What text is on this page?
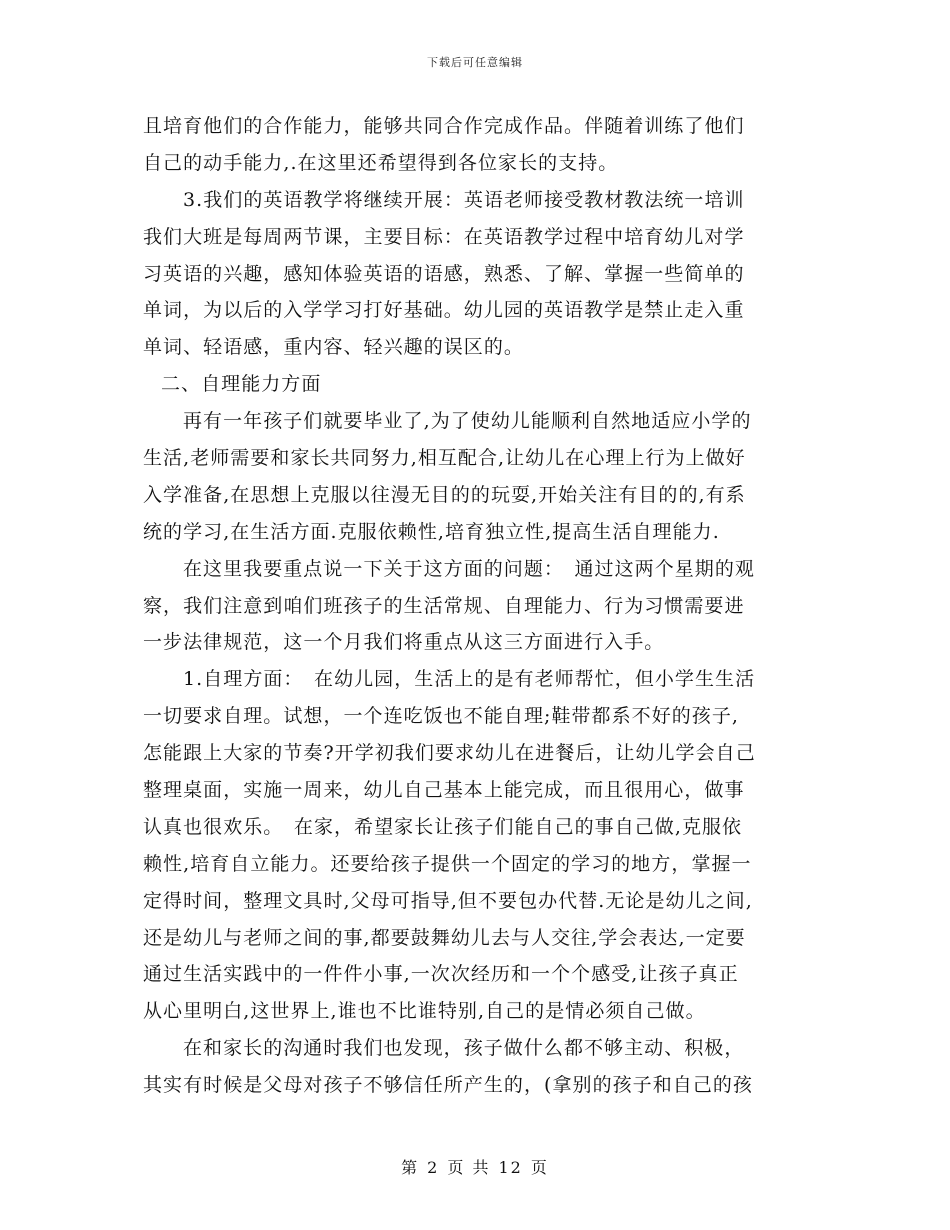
下载后可任意编辑
且培育他们的合作能力，能够共同合作完成作品。伴随着训练了他们
自己的动手能力,.在这里还希望得到各位家长的支持。
3.我们的英语教学将继续开展：英语老师接受教材教法统一培训
我们大班是每周两节课，主要目标：在英语教学过程中培育幼儿对学
习英语的兴趣，感知体验英语的语感，熟悉、了解、掌握一些简单的
单词，为以后的入学学习打好基础。幼儿园的英语教学是禁止走入重
单词、轻语感，重内容、轻兴趣的误区的。
二、自理能力方面
再有一年孩子们就要毕业了,为了使幼儿能顺利自然地适应小学的
生活,老师需要和家长共同努力,相互配合,让幼儿在心理上行为上做好
入学准备,在思想上克服以往漫无目的的玩耍,开始关注有目的的,有系
统的学习,在生活方面.克服依赖性,培育独立性,提高生活自理能力.
在这里我要重点说一下关于这方面的问题：　通过这两个星期的观
察，我们注意到咱们班孩子的生活常规、自理能力、行为习惯需要进
一步法律规范，这一个月我们将重点从这三方面进行入手。
1.自理方面：　在幼儿园，生活上的是有老师帮忙，但小学生生活
一切要求自理。试想，一个连吃饭也不能自理;鞋带都系不好的孩子,
怎能跟上大家的节奏?开学初我们要求幼儿在进餐后，让幼儿学会自己
整理桌面，实施一周来，幼儿自己基本上能完成，而且很用心，做事
认真也很欢乐。　在家，希望家长让孩子们能自己的事自己做,克服依
赖性,培育自立能力。还要给孩子提供一个固定的学习的地方，掌握一
定得时间，整理文具时,父母可指导,但不要包办代替.无论是幼儿之间,
还是幼儿与老师之间的事,都要鼓舞幼儿去与人交往,学会表达,一定要
通过生活实践中的一件件小事,一次次经历和一个个感受,让孩子真正
从心里明白,这世界上,谁也不比谁特别,自己的是情必须自己做。
在和家长的沟通时我们也发现，孩子做什么都不够主动、积极，
其实有时候是父母对孩子不够信任所产生的，(拿别的孩子和自己的孩
第 2 页 共 12 页
